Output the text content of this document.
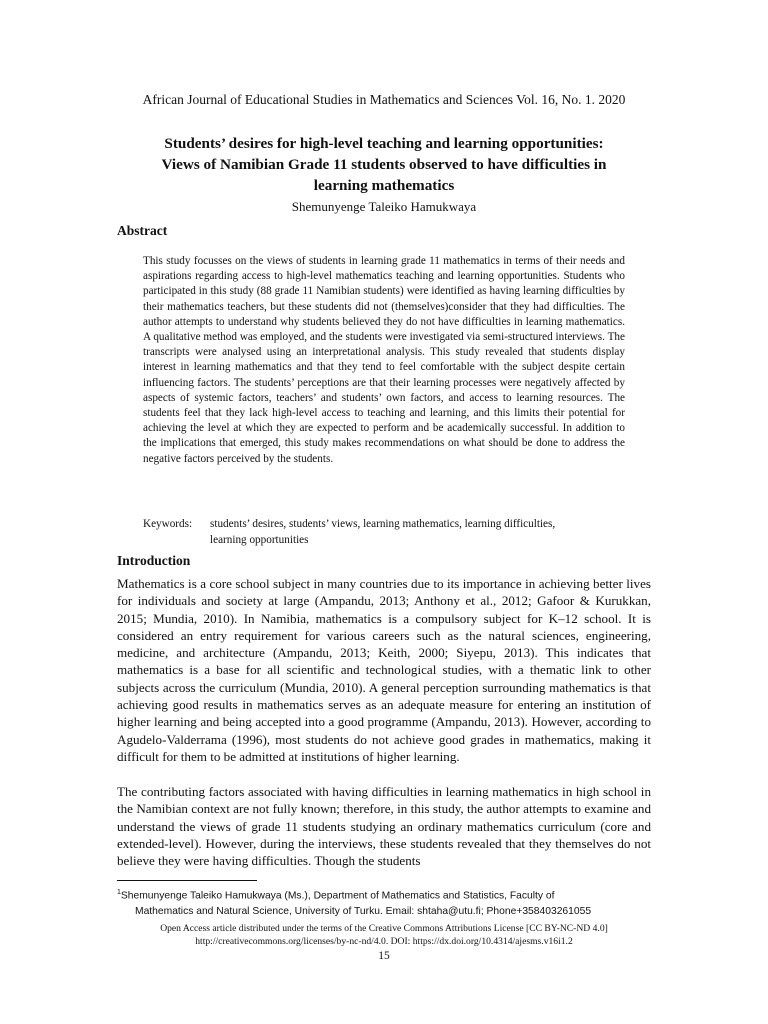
African Journal of Educational Studies in Mathematics and Sciences Vol. 16, No. 1. 2020
Students’ desires for high-level teaching and learning opportunities:
Views of Namibian Grade 11 students observed to have difficulties in
learning mathematics
Shemunyenge Taleiko Hamukwaya
Abstract

This study focusses on the views of students in learning grade 11 mathematics in terms of their needs and aspirations regarding access to high-level mathematics teaching and learning opportunities. Students who participated in this study (88 grade 11 Namibian students) were identified as having learning difficulties by their mathematics teachers, but these students did not (themselves)consider that they had difficulties. The author attempts to understand why students believed they do not have difficulties in learning mathematics. A qualitative method was employed, and the students were investigated via semi-structured interviews. The transcripts were analysed using an interpretational analysis. This study revealed that students display interest in learning mathematics and that they tend to feel comfortable with the subject despite certain influencing factors. The students’ perceptions are that their learning processes were negatively affected by aspects of systemic factors, teachers’ and students’ own factors, and access to learning resources. The students feel that they lack high-level access to teaching and learning, and this limits their potential for achieving the level at which they are expected to perform and be academically successful. In addition to the implications that emerged, this study makes recommendations on what should be done to address the negative factors perceived by the students.

Keywords: students’ desires, students’ views, learning mathematics, learning difficulties,
learning opportunities
Introduction

Mathematics is a core school subject in many countries due to its importance in achieving better lives for individuals and society at large (Ampandu, 2013; Anthony et al., 2012; Gafoor & Kurukkan, 2015; Mundia, 2010). In Namibia, mathematics is a compulsory subject for K–12 school. It is considered an entry requirement for various careers such as the natural sciences, engineering, medicine, and architecture (Ampandu, 2013; Keith, 2000; Siyepu, 2013). This indicates that mathematics is a base for all scientific and technological studies, with a thematic link to other subjects across the curriculum (Mundia, 2010). A general perception surrounding mathematics is that achieving good results in mathematics serves as an adequate measure for entering an institution of higher learning and being accepted into a good programme (Ampandu, 2013). However, according to Agudelo-Valderrama (1996), most students do not achieve good grades in mathematics, making it difficult for them to be admitted at institutions of higher learning.

The contributing factors associated with having difficulties in learning mathematics in high school in the Namibian context are not fully known; therefore, in this study, the author attempts to examine and understand the views of grade 11 students studying an ordinary mathematics curriculum (core and extended-level). However, during the interviews, these students revealed that they themselves do not believe they were having difficulties. Though the students

$^1$Shemunyenge Taleiko Hamukwaya (Ms.), Department of Mathematics and Statistics, Faculty of
Mathematics and Natural Science, University of Turku. Email: shtaha@utu.fi; Phone+358403261055
Open Access article distributed under the terms of the Creative Commons Attributions License [CC BY-NC-ND 4.0]
http://creativecommons.org/licenses/by-nc-nd/4.0. DOI: https://dx.doi.org/10.4314/ajesms.v16i1.2
15
